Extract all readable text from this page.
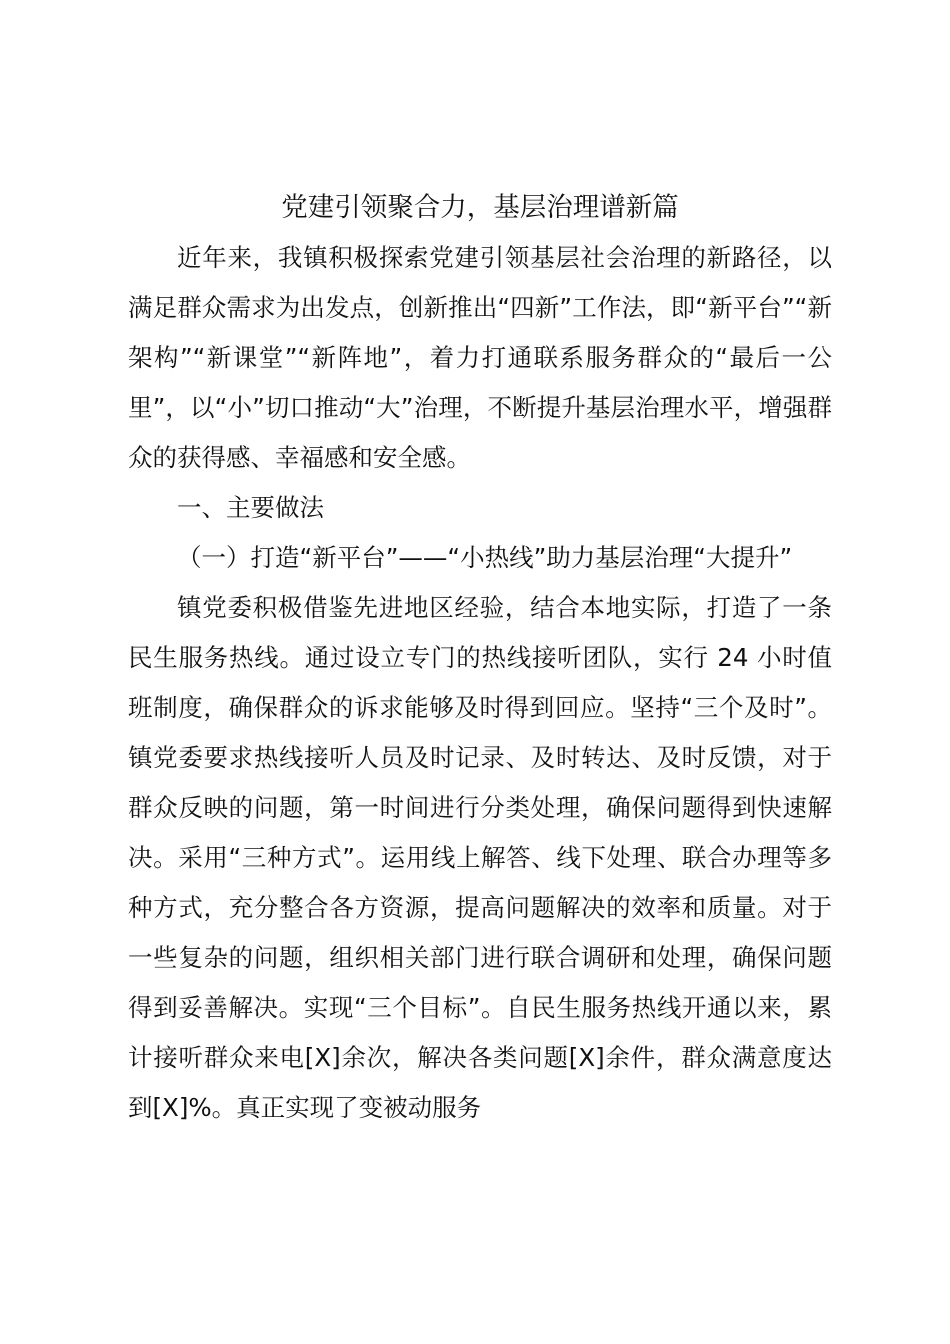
党建引领聚合力，基层治理谱新篇

近年来，我镇积极探索党建引领基层社会治理的新路径，以满足群众需求为出发点，创新推出“四新”工作法，即“新平台”“新架构”“新课堂”“新阵地”，着力打通联系服务群众的“最后一公里”，以“小”切口推动“大”治理，不断提升基层治理水平，增强群众的获得感、幸福感和安全感。

一、主要做法

（一）打造“新平台”——“小热线”助力基层治理“大提升”

镇党委积极借鉴先进地区经验，结合本地实际，打造了一条民生服务热线。通过设立专门的热线接听团队，实行 24 小时值班制度，确保群众的诉求能够及时得到回应。坚持“三个及时”。镇党委要求热线接听人员及时记录、及时转达、及时反馈，对于群众反映的问题，第一时间进行分类处理，确保问题得到快速解决。采用“三种方式”。运用线上解答、线下处理、联合办理等多种方式，充分整合各方资源，提高问题解决的效率和质量。对于一些复杂的问题，组织相关部门进行联合调研和处理，确保问题得到妥善解决。实现“三个目标”。自民生服务热线开通以来，累计接听群众来电[X]余次，解决各类问题[X]余件，群众满意度达到[X]%。真正实现了变被动服务
